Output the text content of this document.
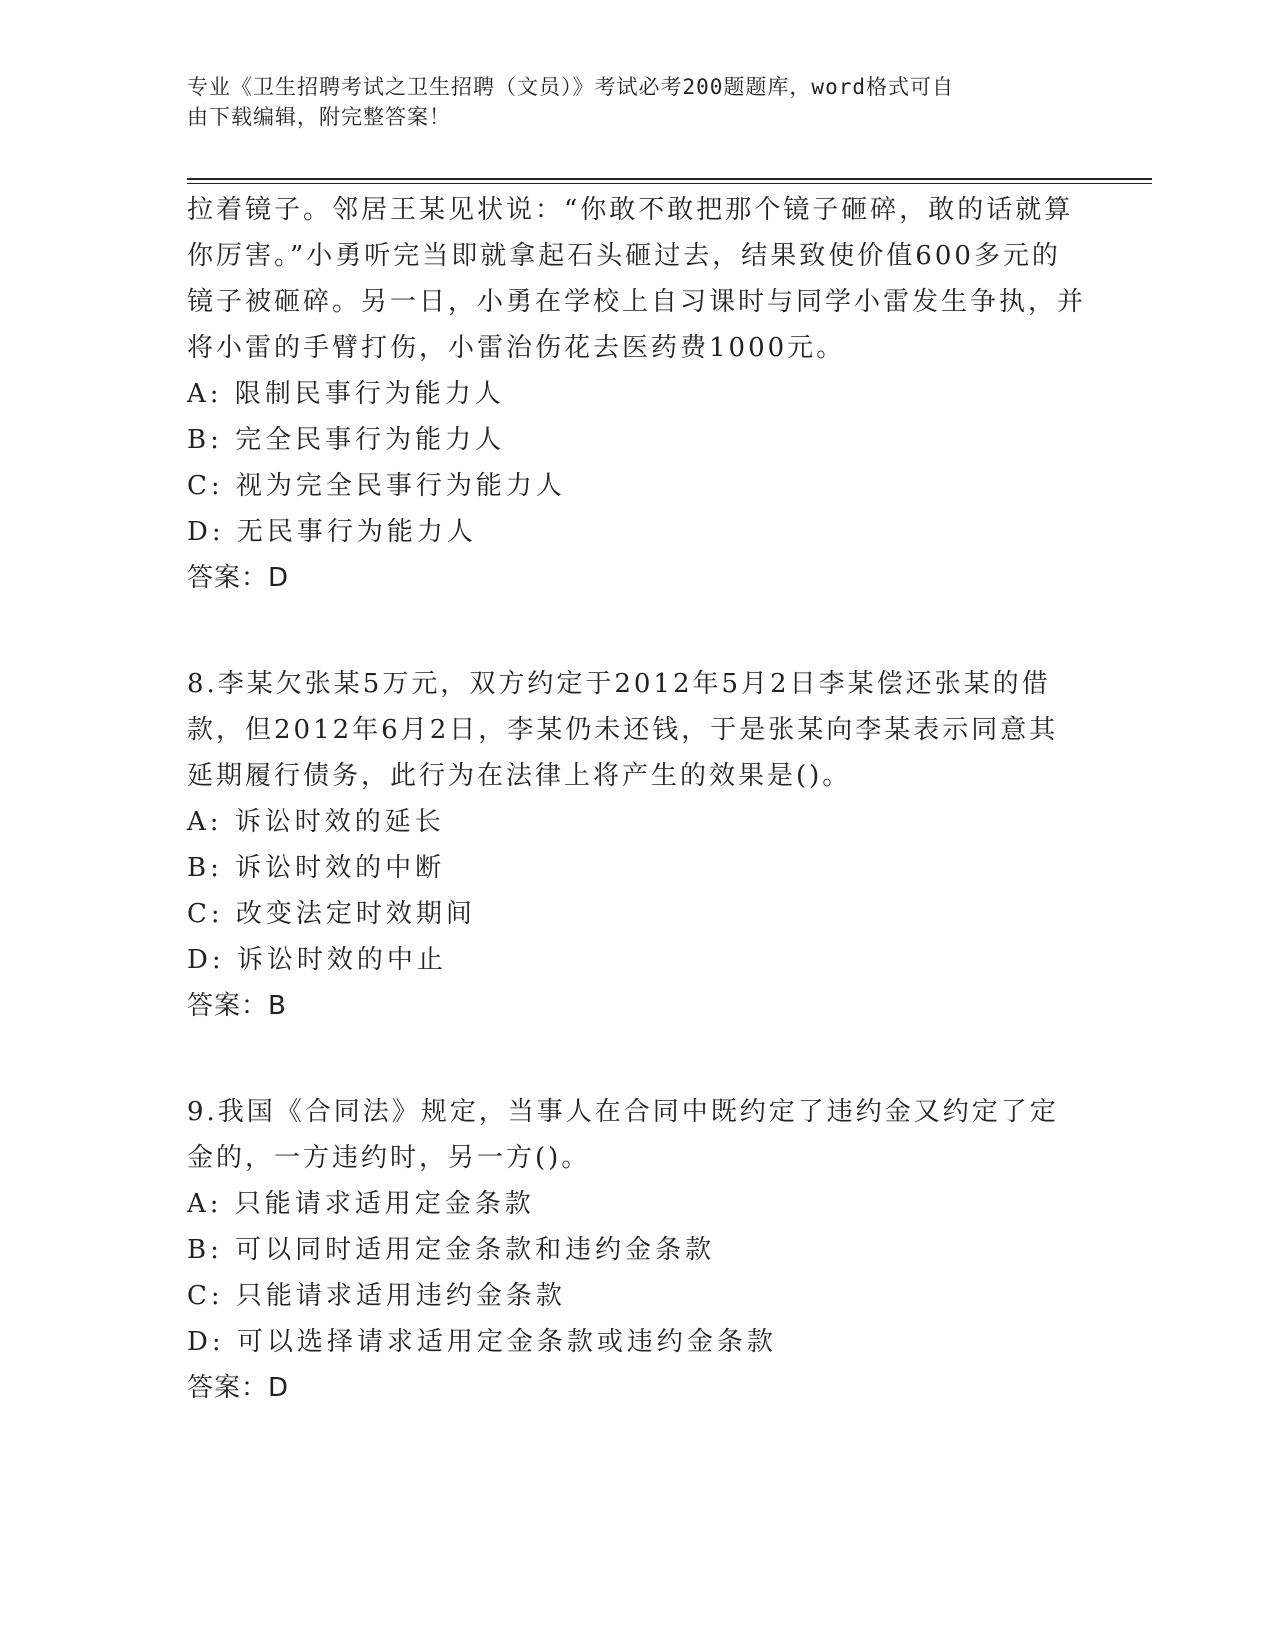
专业《卫生招聘考试之卫生招聘（文员）》考试必考200题题库，word格式可自
由下载编辑，附完整答案！

拉着镜子。邻居王某见状说：“你敢不敢把那个镜子砸碎，敢的话就算你厉害。”小勇听完当即就拿起石头砸过去，结果致使价值600多元的镜子被砸碎。另一日，小勇在学校上自习课时与同学小雷发生争执，并将小雷的手臂打伤，小雷治伤花去医药费1000元。

A: 限制民事行为能力人
B: 完全民事行为能力人
C: 视为完全民事行为能力人
D: 无民事行为能力人

答案：D

8.李某欠张某5万元，双方约定于2012年5月2日李某偿还张某的借款，但2012年6月2日，李某仍未还钱，于是张某向李某表示同意其延期履行债务，此行为在法律上将产生的效果是()。

A: 诉讼时效的延长
B: 诉讼时效的中断
C: 改变法定时效期间
D: 诉讼时效的中止

答案：B

9.我国《合同法》规定，当事人在合同中既约定了违约金又约定了定金的，一方违约时，另一方()。

A: 只能请求适用定金条款
B: 可以同时适用定金条款和违约金条款
C: 只能请求适用违约金条款
D: 可以选择请求适用定金条款或违约金条款

答案：D
